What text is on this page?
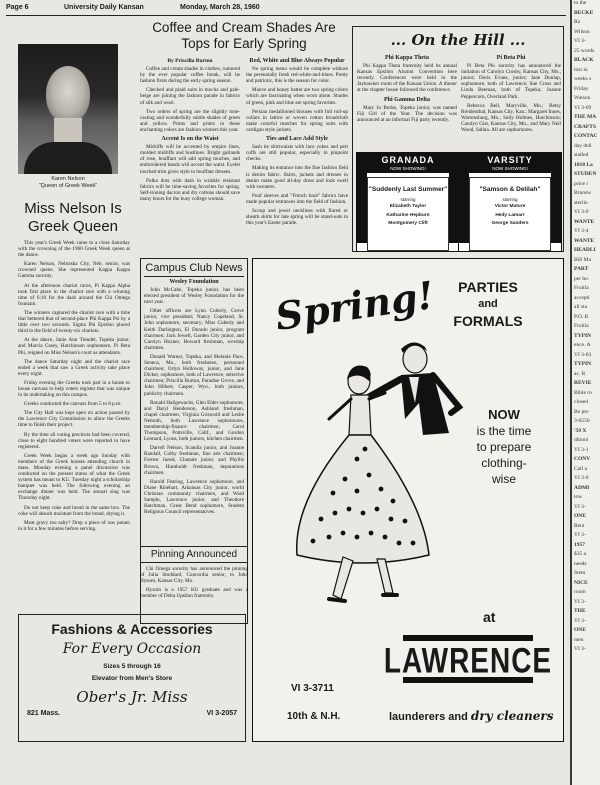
Page 6	University Daily Kansan	Monday, March 28, 1960
Karen Nelson
"Queen of Greek Week"
Coffee and Cream Shades Are Tops for Early Spring
By Priscilla Burton

Coffee and cream shades in clothes, rumored by the ever popular coffee break, will be fashion firsts during the early spring season.

Checked and plaid suits in mocha and pale-beige are joining the fashion parade in fabrics of silk and wool.

Two orders of spring are the slightly tone-casting and wonderfully subtle shades of green and yellow. Prints and prints in these enchanting colors are fashion winners this year.

Accent Is on the Waist

Midriffs will be accented by empire lines, molded midriffs and bustlines. Bright garlands of rose, bouffant will add spring touches, and embroidered bands will accent the waist. Eyelet touched trim gives style to bouffant dresses.

Polka dots with dash in wrinkle resistant fabrics will be time-saving favorites for spring. Self-ironing dacron and dry cottons should save many hours for the busy college woman.

Red, White and Blue Always Popular

No spring menu would be complete without the perennially fresh red-white-and-blues. Pretty and patriotic, this is the season for color.

Mauve and honey batter are two spring colors which are fascinating when worn alone. Shades of green, pink and blue are spring favorites.

Persian medallioned blouses with full roll-up collars in lattice or woven cotton broadcloth make colorful matches for spring suits with cardigan style jackets.

Ties and Lace Add Style

Sash tie shirtwaists with lace yokes and pert cuffs are still popular, especially in pinpoint checks.

Making its entrance into the fine fashion field is denim fabric. Skirts, jackets and dresses in denim make good all-day dress and look swell with sweaters.

Pouf sleeves and "French knot" fabrics have made popular entrances into the field of fashion.

Scoop and jewel necklines with flared or sheath skirts for late spring will be stand-outs in this year's Easter parade.

Miss Nelson Is Greek Queen

This year's Greek Week came to a close Saturday with the crowning of the 1960 Greek Week queen at the dance.

Karen Nelson, Nebraska City, Neb. senior, was crowned queen. She represented Kappa Kappa Gamma sorority.

At the afternoon chariot races, Pi Kappa Alpha took first place in the chariot race with a winning time of 6:10 for the dash around the Chi Omega fountain.

The winners captured the chariot race with a time that bettered that of second-place Phi Kappa Psi by a little over two seconds. Sigma Phi Epsilon placed third in the field of twenty-six chariots.

At the dance, Janie Ann Trendel, Topeka junior, and Marcia Casey, Hutchinson sophomore, Pi Beta Phi, reigned on Miss Nelson's court as attendants.

The dance Saturday night and the chariot race ended a week that saw a Greek activity take place every night.

Friday evening the Greeks took part in a house to house canvass to help voters register that was unique in its undertaking on this campus.

Greeks conducted the canvass from 5 to 8 p.m.

The City Hall was kept open on action passed by the Lawrence City Commission to allow the Greeks time to finish their project.

By the time all voting precincts had been covered, close to eight hundred voters were reported to have registered.

Greek Week began a week ago Sunday with members of the Greek houses attending church in mass. Monday evening a panel discussion was conducted on the present status of what the Greek system has meant to KU. Tuesday night a scholarship banquet was held. The following evening an exchange dinner was held. The annual sing was Thursday night.

Do not keep coke and bread in the same box. The coke will absorb moisture from the bread, drying it.

Meat gravy too salty? Drop a piece of raw potato in it for a few minutes before serving.

Fashions & Accessories
For Every Occasion
Sizes 5 through 16
Elevator from Men's Store
Ober's Jr. Miss
821 Mass.	VI 3-2057
Campus Club News
Wesley Foundation

John McCabe, Topeka junior, has been elected president of Wesley Foundation for the next year.

Other officers are Lynn Cuberly, Grove junior, vice president; Nancy Copeland, St. John sophomore, secretary; Miss Cuberly and Keith Darlington, El Dorado junior, program chairmen; Jack Jewell, Garden City junior, and Carolyn Hozner, Howard freshman, worship chairmen.

Donald Warner, Topeka, and Melanie Pace, Seneca, Mo., both freshmen, personnel chairmen; Orlyn Holloway, junior, and Jane Dicker, sophomore, both of Lawrence, selective chairmen; Priscilla Burton, Paradise Grove, and John Hilbert, Casper, Wyo., both juniors, publicity chairmen.

Ronald Hallgewachs, Glen Elder sophomore, and Daryl Henderson, Ashland freshman, chapel chairmen; Virginia Griswold and Leslie Nemoth, both Lawrence sophomores, membership-finance chairmen; Carol Thompson, Pottsville, Calif., and Gordon Leonard, Lyons, both juniors, kitchen chairmen.

Darrell Nelson, Scandia junior, and Joanne Randall, Colby freshman, fine arts chairmen; Forrest Jueed, Chanute junior, and Phyllis Brown, Humboldt freshman, deputations chairmen.

Harold Fearing, Lawrence sophomore, and Diane Rinehart, Arkansas City junior, world Christian community chairmen, and Ward Sample, Lawrence junior, and Theodore Hatchman, Great Bend sophomore, Student Religious Council representatives.

Pinning Announced

Chi Omega sorority has announced the pinning of Julia Stoddard, Concordia senior, to John Hysom, Kansas City, Mo.

Hysom is a 1957 KU graduate and was a member of Delta Upsilon fraternity.

... On the Hill ...
Phi Kappa Theta

Phi Kappa Theta fraternity held its annual Kansas Epsilon Alumni Convention here recently. Conferences were held in the Jayhawker room of the Kansas Union. A dinner at the chapter house followed the conference.

Phi Gamma Delta

Mary Jo Burke, Topeka junior, was named Fiji Girl of the Year. The decision was announced at an informal Fiji party recently.

Pi Beta Phi

Pi Beta Phi sorority has announced the initiation of Carolyn Crosby, Kansas City, Mo., junior; Doris Evans, junior; Jane Dunlap, sophomore, both of Lawrence; Sue Cross and Linda Beeman, both of Topeka; Joanne Peppercorn, Overland Park.

Rebecca Bell, Maryville, Mo.; Betsy Breidenthal, Kansas City, Kan.; Margaret Innes, Warrensburg, Mo.; Sally Holmes, Hutchinson; Carolyn Gist, Kansas City, Mo., and Mary Nell Wood, Salina. All are sophomores.

GRANADA
NOW SHOWING!
"Suddenly Last Summer"
starring
Elizabeth Taylor
Katharine Hepburn
Montgomery Clift
VARSITY
NOW SHOWING!
"Samson & Delilah"
starring
Victor Mature
Hedy Lamarr
George Sanders
Spring!	PARTIES
and
FORMALS
NOW
is the time
to prepare
clothing-
wise
at
LAWRENCE
VI 3-3711
10th & N.H.	launderers and dry cleaners

to the

BECKE

Ra

Wilson

VI 3-

25 words

BLACK

lost in

weeks s

Friday

Watson

VI 3-09

THE MA

CRAFTS

CONTAC

day deli

stalled

1018 La

STUDEN

price r

Brunsw

sterlin

VI 3-0

WANTE

VI 3-4

WANTE

HEADLI

Bill Ma

PART

per ho

Fruitla

accepti

all sta

P.O. B

Fruitla

TYPIN

ence. A

VI 3-63

TYPIN

ac. R

REVIE

Bible ro

closed

Be pre

3-6550

'59 X

ditioni

VI 3-1

CONV

Call a

VI 3-0

ADMI

low

VI 3-

ONE

Rent

VI 3-

1957

$35 a

needs

Stem

NICE

room

VI 3-

THE

VI 3-

ONE

men

VI 3-
